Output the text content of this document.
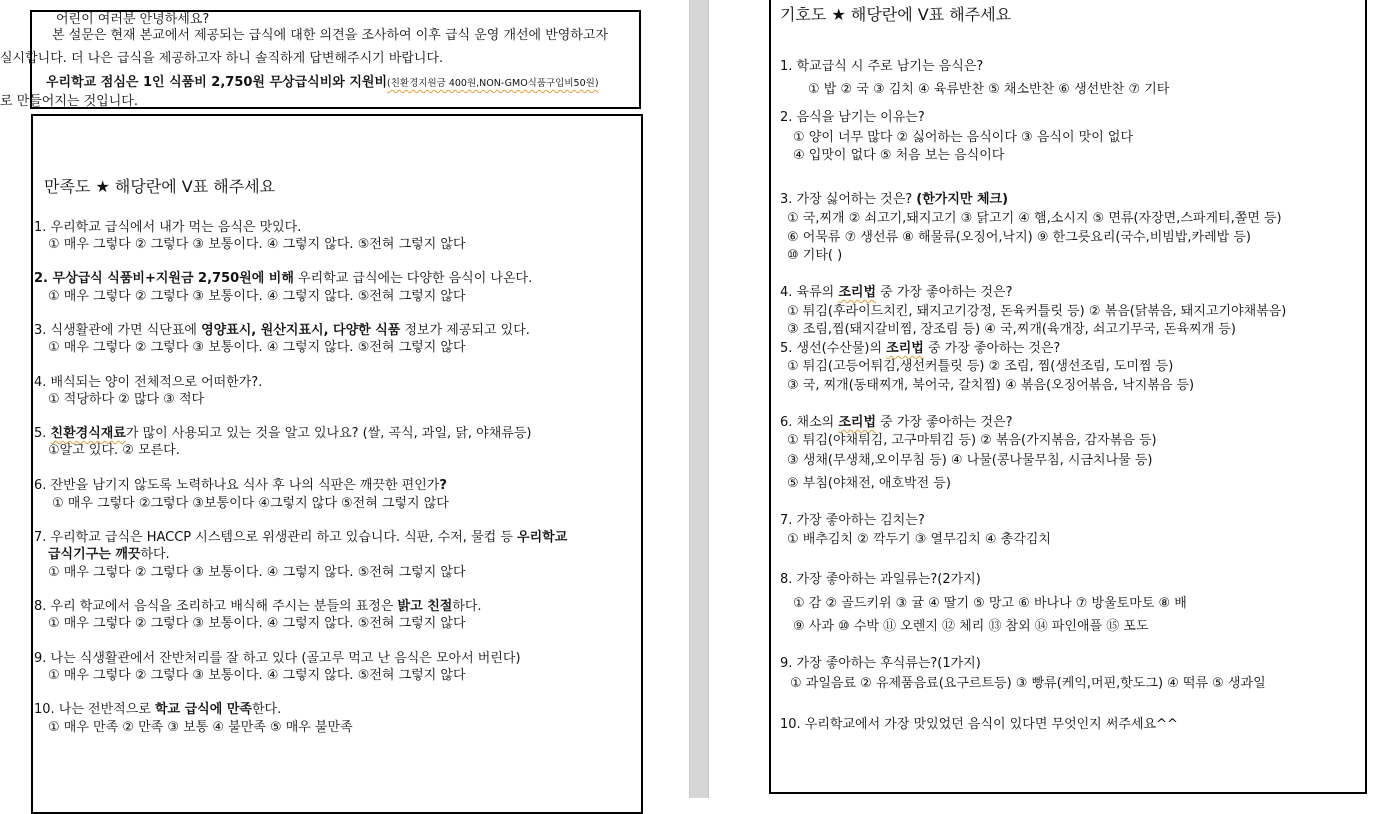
어린이 여러분 안녕하세요?
본 설문은 현재 본교에서 제공되는 급식에 대한 의견을 조사하여 이후 급식 운영 개선에 반영하고자
실시합니다. 더 나은 급식을 제공하고자 하니 솔직하게 답변해주시기 바랍니다.
우리학교 점심은 1인 식품비 2,750원 무상급식비와 지원비(친환경지원금 400원,NON-GMO식품구입비50원)
로 만들어지는 것입니다.
만족도 ★ 해당란에 V표 해주세요
1. 우리학교 급식에서 내가 먹는 음식은 맛있다.
① 매우 그렇다 ② 그렇다 ③ 보통이다. ④ 그렇지 않다. ⑤전혀 그렇지 않다
2. 무상급식 식품비+지원금 2,750원에 비해 우리학교 급식에는 다양한 음식이 나온다.
① 매우 그렇다 ② 그렇다 ③ 보통이다. ④ 그렇지 않다. ⑤전혀 그렇지 않다
3. 식생활관에 가면 식단표에 영양표시, 원산지표시, 다양한 식품 정보가 제공되고 있다.
① 매우 그렇다 ② 그렇다 ③ 보통이다. ④ 그렇지 않다. ⑤전혀 그렇지 않다
4. 배식되는 양이 전체적으로 어떠한가?.
① 적당하다 ② 많다 ③ 적다
5. 친환경식재료가 많이 사용되고 있는 것을 알고 있나요? (쌀, 곡식, 과일, 닭, 야채류등)
①알고 있다. ② 모른다.
6. 잔반을 남기지 않도록 노력하나요 식사 후 나의 식판은 깨끗한 편인가?
① 매우 그렇다 ②그렇다 ③보통이다 ④그렇지 않다 ⑤전혀 그렇지 않다
7. 우리학교 급식은 HACCP 시스템으로 위생관리 하고 있습니다. 식판, 수저, 물컵 등 우리학교
급식기구는 깨끗하다.
① 매우 그렇다 ② 그렇다 ③ 보통이다. ④ 그렇지 않다. ⑤전혀 그렇지 않다
8. 우리 학교에서 음식을 조리하고 배식해 주시는 분들의 표정은 밝고 친절하다.
① 매우 그렇다 ② 그렇다 ③ 보통이다. ④ 그렇지 않다. ⑤전혀 그렇지 않다
9. 나는 식생활관에서 잔반처리를 잘 하고 있다 (골고루 먹고 난 음식은 모아서 버린다)
① 매우 그렇다 ② 그렇다 ③ 보통이다. ④ 그렇지 않다. ⑤전혀 그렇지 않다
10. 나는 전반적으로 학교 급식에 만족한다.
① 매우 만족 ② 만족 ③ 보통 ④ 불만족 ⑤ 매우 불만족
기호도 ★ 해당란에 V표 해주세요
1. 학교급식 시 주로 남기는 음식은?
① 밥 ② 국 ③ 김치 ④ 육류반찬 ⑤ 채소반찬 ⑥ 생선반찬 ⑦ 기타
2. 음식을 남기는 이유는?
① 양이 너무 많다 ② 싫어하는 음식이다 ③ 음식이 맛이 없다
④ 입맛이 없다 ⑤ 처음 보는 음식이다
3. 가장 싫어하는 것은? (한가지만 체크)
① 국,찌개 ② 쇠고기,돼지고기 ③ 닭고기 ④ 햄,소시지 ⑤ 면류(자장면,스파게티,쫄면 등)
⑥ 어묵류 ⑦ 생선류 ⑧ 해물류(오징어,낙지) ⑨ 한그릇요리(국수,비빔밥,카레밥 등)
⑩ 기타( )
4. 육류의 조리법 중 가장 좋아하는 것은?
① 튀김(후라이드치킨, 돼지고기강정, 돈육커틀릿 등) ② 볶음(닭볶음, 돼지고기야채볶음)
③ 조림,찜(돼지갈비찜, 장조림 등) ④ 국,찌개(육개장, 쇠고기무국, 돈육찌개 등)
5. 생선(수산물)의 조리법 중 가장 좋아하는 것은?
① 튀김(고등어튀김,생선커틀릿 등) ② 조림, 찜(생선조림, 도미찜 등)
③ 국, 찌개(동태찌개, 북어국, 갈치찜) ④ 볶음(오징어볶음, 낙지볶음 등)
6. 채소의 조리법 중 가장 좋아하는 것은?
① 튀김(야채튀김, 고구마튀김 등) ② 볶음(가지볶음, 감자볶음 등)
③ 생채(무생채,오이무침 등) ④ 나물(콩나물무침, 시금치나물 등)
⑤ 부침(야채전, 애호박전 등)
7. 가장 좋아하는 김치는?
① 배추김치 ② 깍두기 ③ 열무김치 ④ 총각김치
8. 가장 좋아하는 과일류는?(2가지)
① 감 ② 골드키위 ③ 귤 ④ 딸기 ⑤ 망고 ⑥ 바나나 ⑦ 방울토마토 ⑧ 배
⑨ 사과 ⑩ 수박 ⑪ 오렌지 ⑫ 체리 ⑬ 참외 ⑭ 파인애플 ⑮ 포도
9. 가장 좋아하는 후식류는?(1가지)
① 과일음료 ② 유제품음료(요구르트등) ③ 빵류(케익,머핀,핫도그) ④ 떡류 ⑤ 생과일
10. 우리학교에서 가장 맛있었던 음식이 있다면 무엇인지 써주세요^^
